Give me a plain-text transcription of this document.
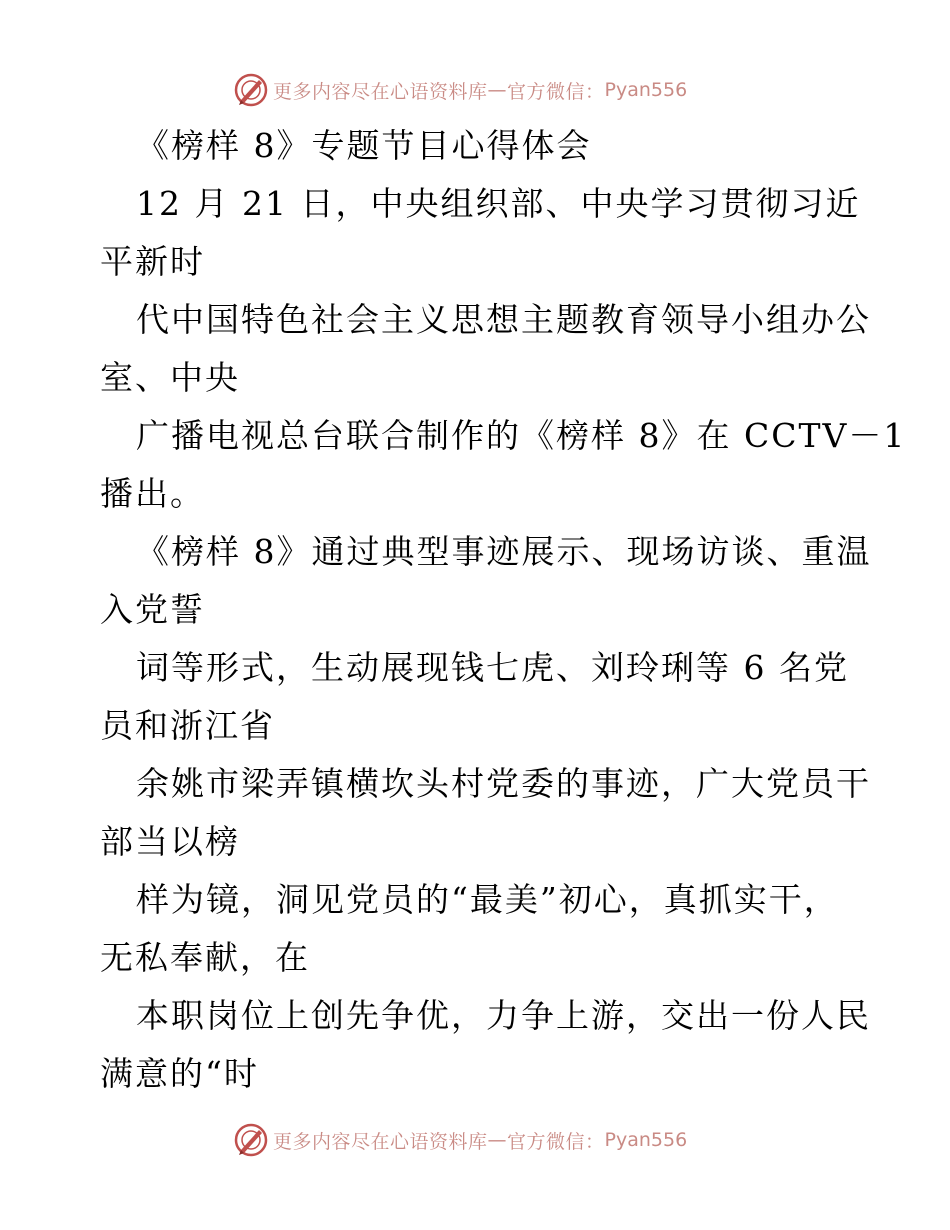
更多内容尽在心语资料库 — 官方微信： Pyan556
《榜样 8》专题节目心得体会
12 月 21 日，中央组织部、中央学习贯彻习近
平新时
代中国特色社会主义思想主题教育领导小组办公
室、中央
广播电视总台联合制作的《榜样 8》在 CCTV－1
播出。
《榜样 8》通过典型事迹展示、现场访谈、重温
入党誓
词等形式，生动展现钱七虎、刘玲琍等 6 名党
员和浙江省
余姚市梁弄镇横坎头村党委的事迹，广大党员干
部当以榜
样为镜，洞见党员的“最美”初心，真抓实干，
无私奉献，在
本职岗位上创先争优，力争上游，交出一份人民
满意的“时
更多内容尽在心语资料库 — 官方微信： Pyan556
